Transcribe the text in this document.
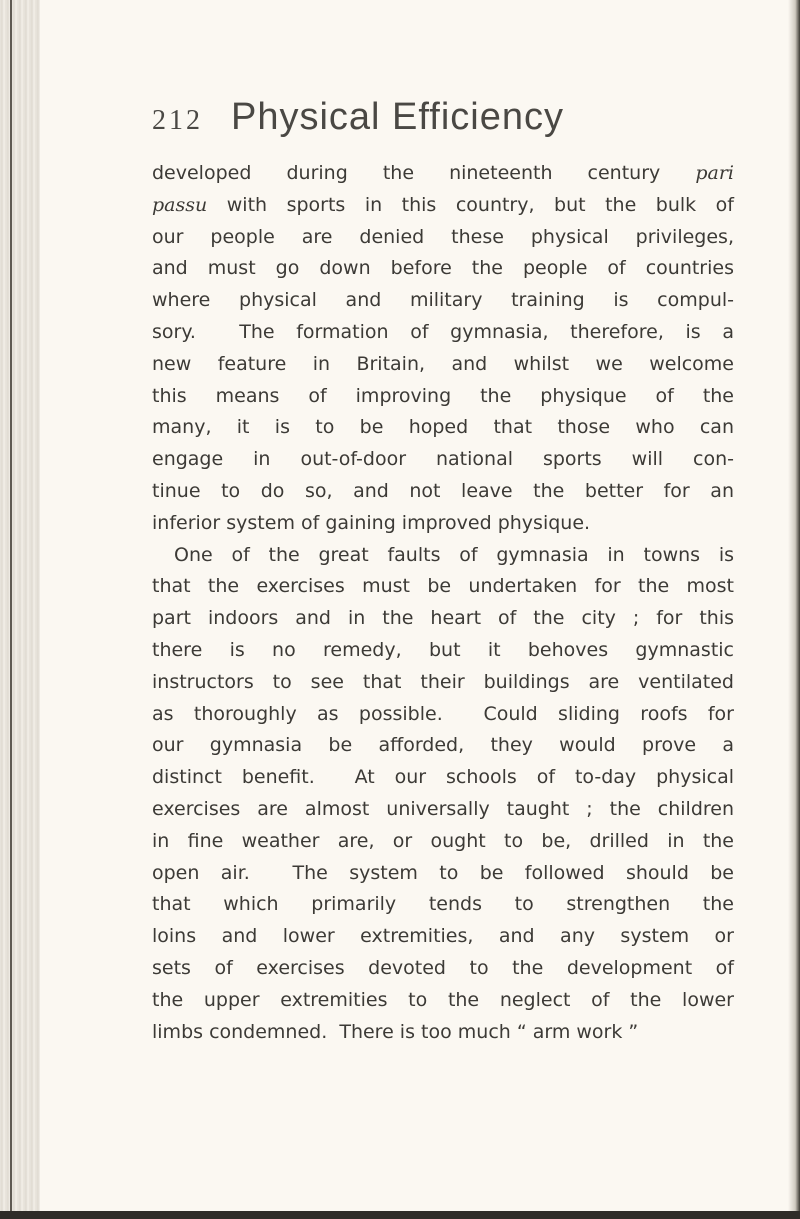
212 Physical Efficiency
developed during the nineteenth century pari
passu with sports in this country, but the bulk of
our people are denied these physical privileges,
and must go down before the people of countries
where physical and military training is compul-
sory.  The formation of gymnasia, therefore, is a
new feature in Britain, and whilst we welcome
this means of improving the physique of the
many, it is to be hoped that those who can
engage in out-of-door national sports will con-
tinue to do so, and not leave the better for an
inferior system of gaining improved physique.
One of the great faults of gymnasia in towns is
that the exercises must be undertaken for the most
part indoors and in the heart of the city ; for this
there is no remedy, but it behoves gymnastic
instructors to see that their buildings are ventilated
as thoroughly as possible.  Could sliding roofs for
our gymnasia be afforded, they would prove a
distinct benefit.  At our schools of to-day physical
exercises are almost universally taught ; the children
in fine weather are, or ought to be, drilled in the
open air.  The system to be followed should be
that which primarily tends to strengthen the
loins and lower extremities, and any system or
sets of exercises devoted to the development of
the upper extremities to the neglect of the lower
limbs condemned.  There is too much “ arm work ”
